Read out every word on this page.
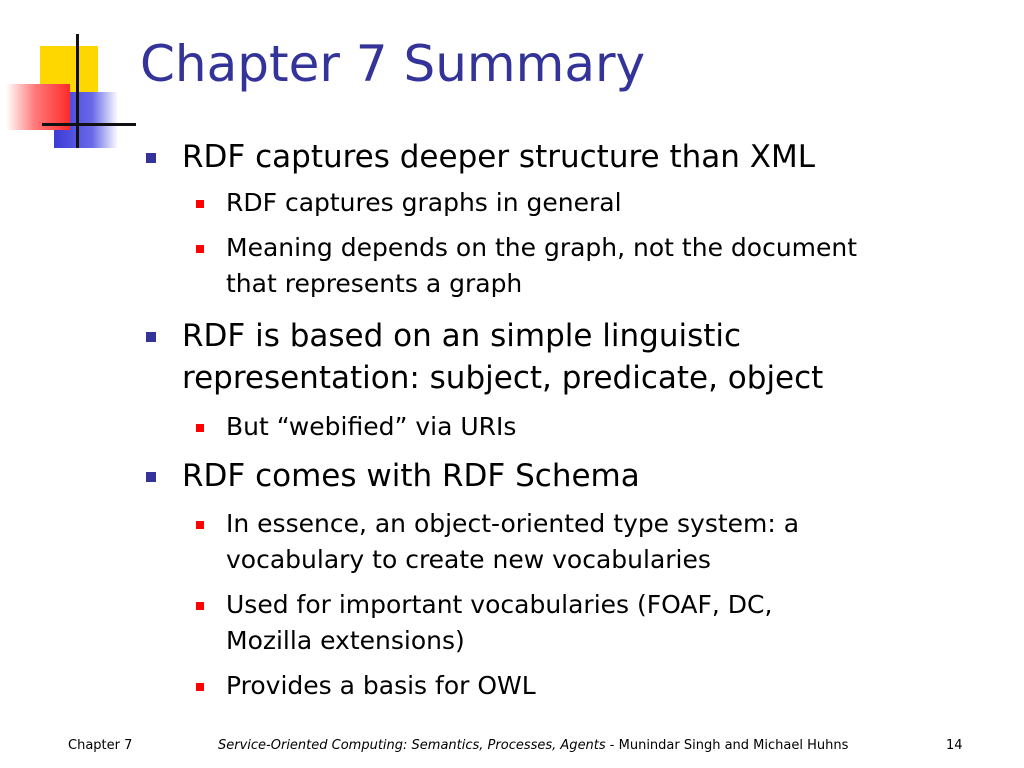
Chapter 7 Summary
RDF captures deeper structure than XML
RDF captures graphs in general
Meaning depends on the graph, not the document
that represents a graph
RDF is based on an simple linguistic
representation: subject, predicate, object
But “webified” via URIs
RDF comes with RDF Schema
In essence, an object-oriented type system: a
vocabulary to create new vocabularies
Used for important vocabularies (FOAF, DC,
Mozilla extensions)
Provides a basis for OWL
Chapter 7	Service-Oriented Computing: Semantics, Processes, Agents - Munindar Singh and Michael Huhns	14
